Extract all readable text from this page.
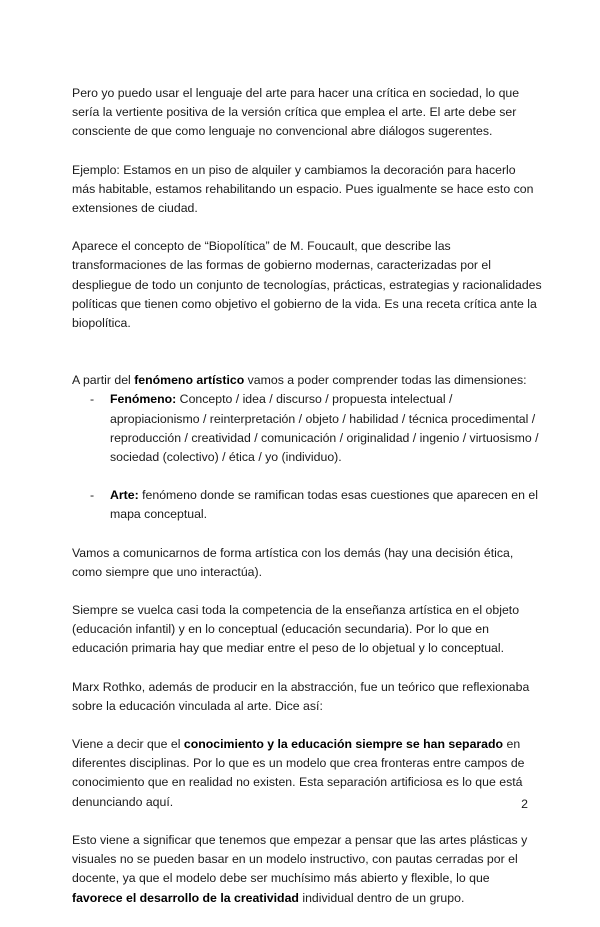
Pero yo puedo usar el lenguaje del arte para hacer una crítica en sociedad, lo que sería la vertiente positiva de la versión crítica que emplea el arte. El arte debe ser consciente de que como lenguaje no convencional abre diálogos sugerentes.

Ejemplo: Estamos en un piso de alquiler y cambiamos la decoración para hacerlo más habitable, estamos rehabilitando un espacio. Pues igualmente se hace esto con extensiones de ciudad.

Aparece el concepto de “Biopolítica” de M. Foucault, que describe las transformaciones de las formas de gobierno modernas, caracterizadas por el despliegue de todo un conjunto de tecnologías, prácticas, estrategias y racionalidades políticas que tienen como objetivo el gobierno de la vida. Es una receta crítica ante la biopolítica.

A partir del fenómeno artístico vamos a poder comprender todas las dimensiones:

- Fenómeno: Concepto / idea / discurso / propuesta intelectual / apropiacionismo / reinterpretación / objeto / habilidad / técnica procedimental / reproducción / creatividad / comunicación / originalidad / ingenio / virtuosismo / sociedad (colectivo) / ética / yo (individuo).
- Arte: fenómeno donde se ramifican todas esas cuestiones que aparecen en el mapa conceptual.

Vamos a comunicarnos de forma artística con los demás (hay una decisión ética, como siempre que uno interactúa).

Siempre se vuelca casi toda la competencia de la enseñanza artística en el objeto (educación infantil) y en lo conceptual (educación secundaria). Por lo que en educación primaria hay que mediar entre el peso de lo objetual y lo conceptual.

Marx Rothko, además de producir en la abstracción, fue un teórico que reflexionaba sobre la educación vinculada al arte. Dice así:

Viene a decir que el conocimiento y la educación siempre se han separado en diferentes disciplinas. Por lo que es un modelo que crea fronteras entre campos de conocimiento que en realidad no existen. Esta separación artificiosa es lo que está denunciando aquí.

Esto viene a significar que tenemos que empezar a pensar que las artes plásticas y visuales no se pueden basar en un modelo instructivo, con pautas cerradas por el docente, ya que el modelo debe ser muchísimo más abierto y flexible, lo que favorece el desarrollo de la creatividad individual dentro de un grupo.

2
